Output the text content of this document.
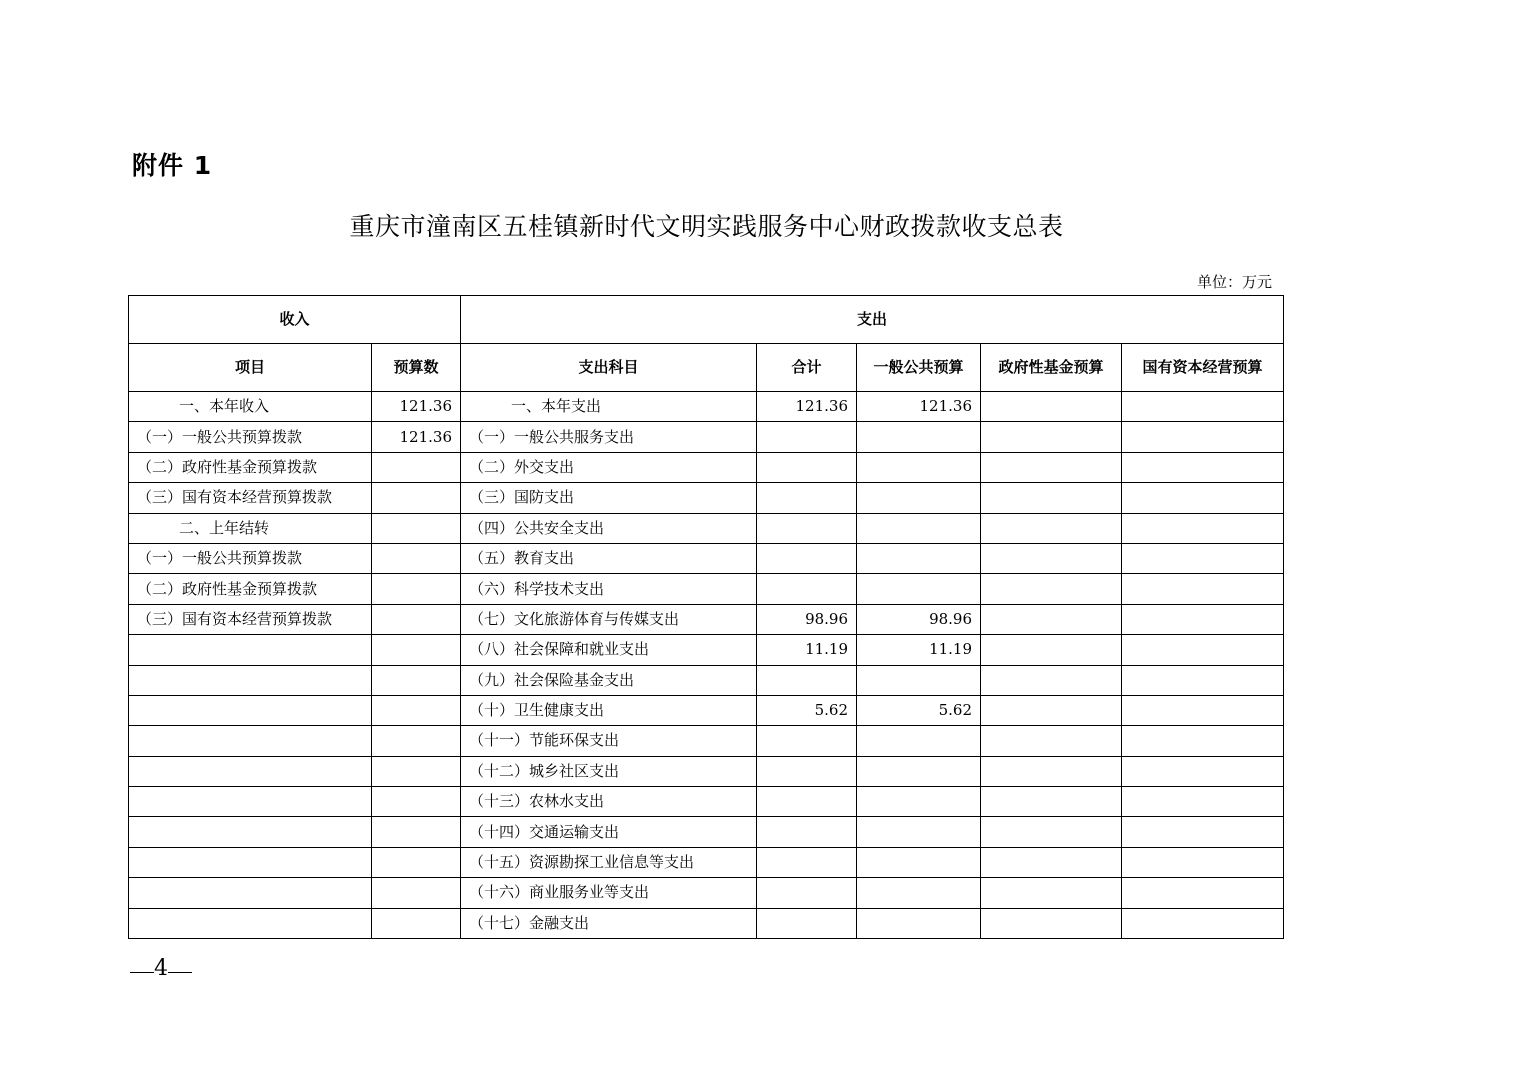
附件 1
重庆市潼南区五桂镇新时代文明实践服务中心财政拨款收支总表
单位：万元
收入		支出				
项目	预算数	支出科目	合计	一般公共预算	政府性基金预算	国有资本经营预算
一、本年收入	121.36	一、本年支出	121.36	121.36		
（一）一般公共预算拨款	121.36	（一）一般公共服务支出				
（二）政府性基金预算拨款		（二）外交支出				
（三）国有资本经营预算拨款		（三）国防支出				
二、上年结转		（四）公共安全支出				
（一）一般公共预算拨款		（五）教育支出				
（二）政府性基金预算拨款		（六）科学技术支出				
（三）国有资本经营预算拨款		（七）文化旅游体育与传媒支出	98.96	98.96		
		（八）社会保障和就业支出	11.19	11.19		
		（九）社会保险基金支出				
		（十）卫生健康支出	5.62	5.62		
		（十一）节能环保支出				
		（十二）城乡社区支出				
		（十三）农林水支出				
		（十四）交通运输支出				
		（十五）资源勘探工业信息等支出				
		（十六）商业服务业等支出				
		（十七）金融支出				
4
